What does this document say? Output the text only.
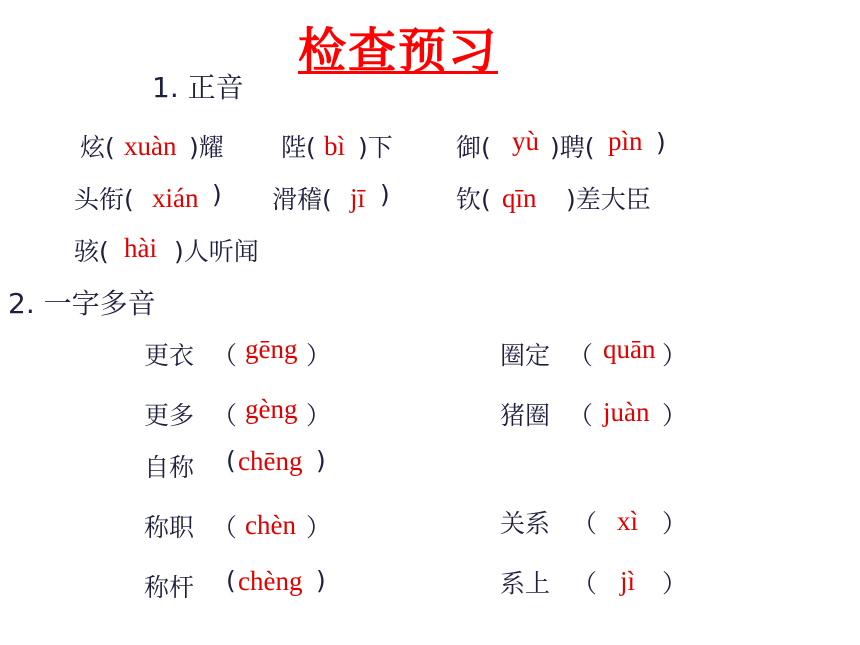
检查预习
1. 正音
炫( xuàn )耀 陛( bì )下	御( yù )聘( pìn )
头衔( xián ) 滑稽( jī )	钦( qīn )差大臣
骇( hài )人听闻
2. 一字多音
更衣 （ gēng ）	圈定 （ quān ）
更多 （ gèng ）	猪圈 （ juàn ）
自称 ( chēng )
称职 （ chèn ）	关系 （ xì ）
称杆 ( chèng )	系上 （ jì ）
